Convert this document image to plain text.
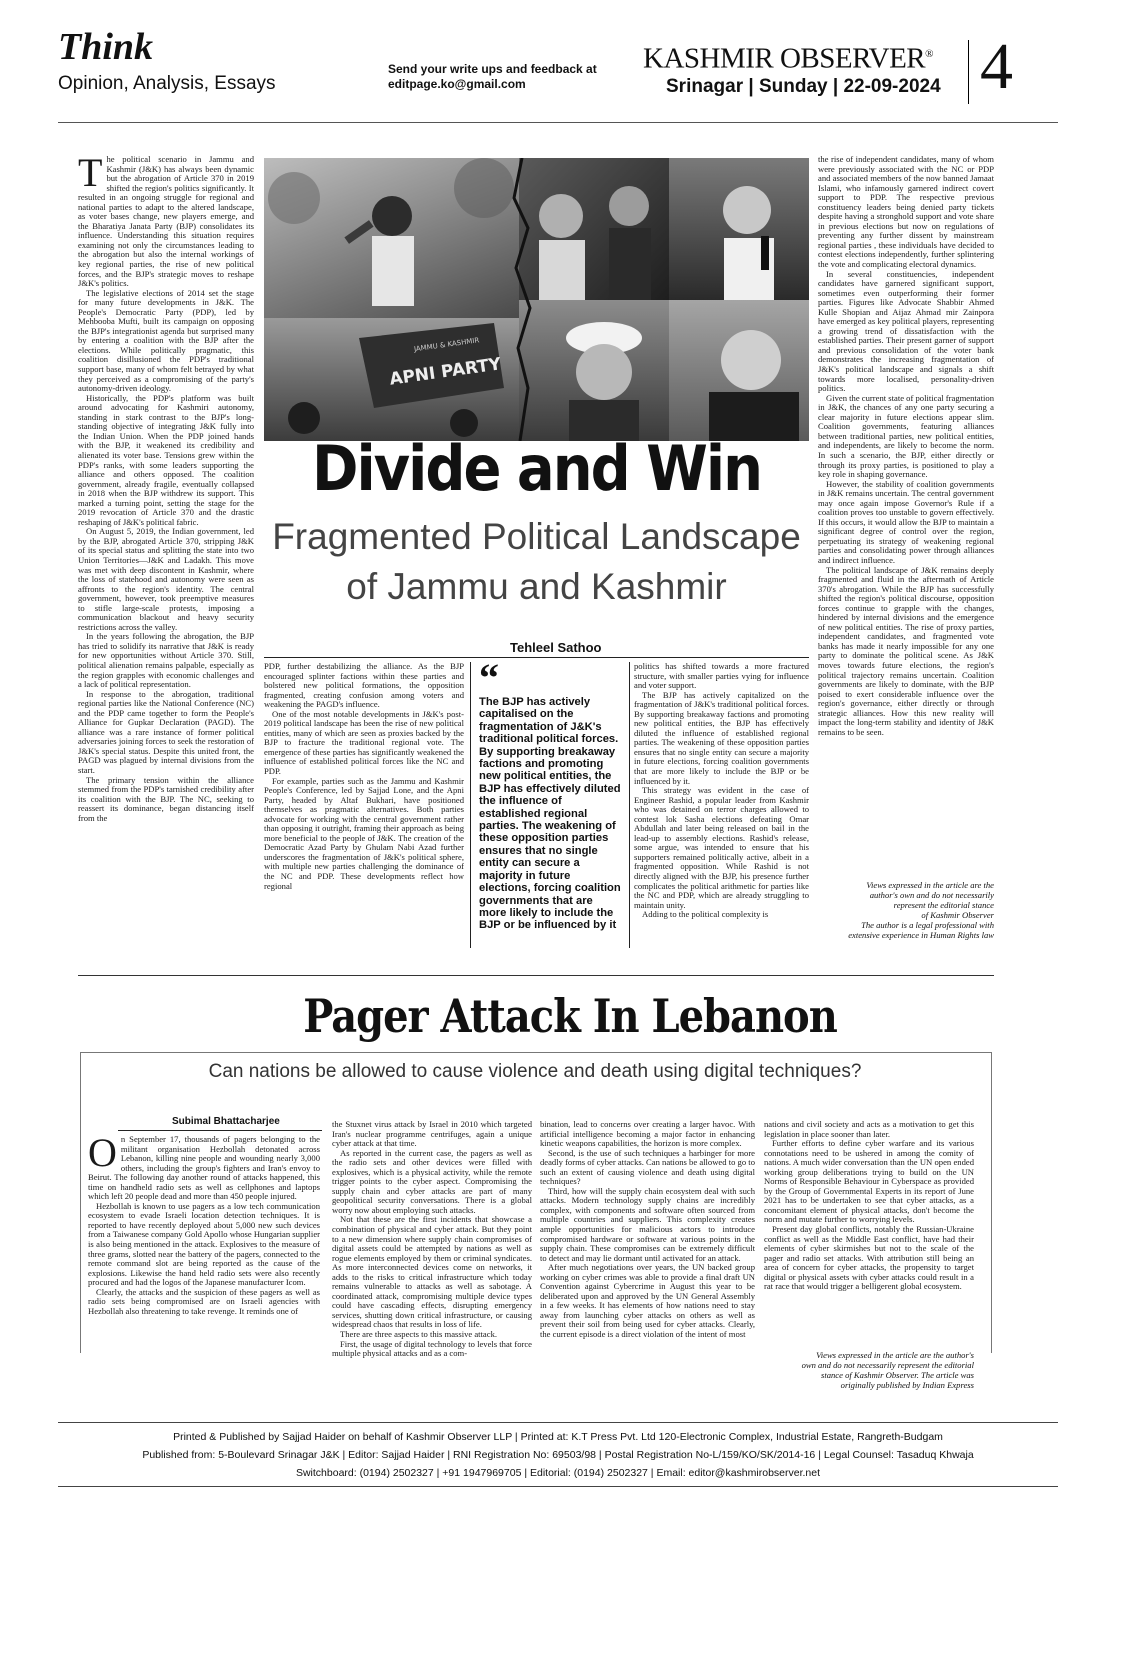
Think
Opinion, Analysis, Essays
Send your write ups and feedback at
editpage.ko@gmail.com
KASHMIR OBSERVER®
Srinagar | Sunday | 22-09-2024 4
T he political scenario in Jammu and Kashmir (J&K) has always been dynamic but the abrogation of Article 370 in 2019 shifted the region's politics significantly. It resulted in an ongoing struggle for regional and national parties to adapt to the altered landscape, as voter bases change, new players emerge, and the Bharatiya Janata Party (BJP) consolidates its influence. Understanding this situation requires examining not only the circumstances leading to the abrogation but also the internal workings of key regional parties, the rise of new political forces, and the BJP's strategic moves to reshape J&K's politics.

The legislative elections of 2014 set the stage for many future developments in J&K. The People's Democratic Party (PDP), led by Mehbooba Mufti, built its campaign on opposing the BJP's integrationist agenda but surprised many by entering a coalition with the BJP after the elections. While politically pragmatic, this coalition disillusioned the PDP's traditional support base, many of whom felt betrayed by what they perceived as a compromising of the party's autonomy-driven ideology.

Historically, the PDP's platform was built around advocating for Kashmiri autonomy, standing in stark contrast to the BJP's long-standing objective of integrating J&K fully into the Indian Union. When the PDP joined hands with the BJP, it weakened its credibility and alienated its voter base. Tensions grew within the PDP's ranks, with some leaders supporting the alliance and others opposed. The coalition government, already fragile, eventually collapsed in 2018 when the BJP withdrew its support. This marked a turning point, setting the stage for the 2019 revocation of Article 370 and the drastic reshaping of J&K's political fabric.

On August 5, 2019, the Indian government, led by the BJP, abrogated Article 370, stripping J&K of its special status and splitting the state into two Union Territories—J&K and Ladakh. This move was met with deep discontent in Kashmir, where the loss of statehood and autonomy were seen as affronts to the region's identity. The central government, however, took preemptive measures to stifle large-scale protests, imposing a communication blackout and heavy security restrictions across the valley.

In the years following the abrogation, the BJP has tried to solidify its narrative that J&K is ready for new opportunities without Article 370. Still, political alienation remains palpable, especially as the region grapples with economic challenges and a lack of political representation.

In response to the abrogation, traditional regional parties like the National Conference (NC) and the PDP came together to form the People's Alliance for Gupkar Declaration (PAGD). The alliance was a rare instance of former political adversaries joining forces to seek the restoration of J&K's special status. Despite this united front, the PAGD was plagued by internal divisions from the start.

The primary tension within the alliance stemmed from the PDP's tarnished credibility after its coalition with the BJP. The NC, seeking to reassert its dominance, began distancing itself from the

APNI PARTY
JAMMU & KASHMIR
Divide and Win
Fragmented Political Landscape
of Jammu and Kashmir
Tehleel Sathoo

PDP, further destabilizing the alliance. As the BJP encouraged splinter factions within these parties and bolstered new political formations, the opposition fragmented, creating confusion among voters and weakening the PAGD's influence.

One of the most notable developments in J&K's post-2019 political landscape has been the rise of new political entities, many of which are seen as proxies backed by the BJP to fracture the traditional regional vote. The emergence of these parties has significantly weakened the influence of established political forces like the NC and PDP.

For example, parties such as the Jammu and Kashmir People's Conference, led by Sajjad Lone, and the Apni Party, headed by Altaf Bukhari, have positioned themselves as pragmatic alternatives. Both parties advocate for working with the central government rather than opposing it outright, framing their approach as being more beneficial to the people of J&K. The creation of the Democratic Azad Party by Ghulam Nabi Azad further underscores the fragmentation of J&K's political sphere, with multiple new parties challenging the dominance of the NC and PDP. These developments reflect how regional

“
The BJP has actively capitalised on the fragmentation of J&K's traditional political forces. By supporting breakaway factions and promoting new political entities, the BJP has effectively diluted the influence of established regional parties. The weakening of these opposition parties ensures that no single entity can secure a majority in future elections, forcing coalition governments that are more likely to include the BJP or be influenced by it

politics has shifted towards a more fractured structure, with smaller parties vying for influence and voter support.

The BJP has actively capitalized on the fragmentation of J&K's traditional political forces. By supporting breakaway factions and promoting new political entities, the BJP has effectively diluted the influence of established regional parties. The weakening of these opposition parties ensures that no single entity can secure a majority in future elections, forcing coalition governments that are more likely to include the BJP or be influenced by it.

This strategy was evident in the case of Engineer Rashid, a popular leader from Kashmir who was detained on terror charges allowed to contest lok Sasha elections defeating Omar Abdullah and later being released on bail in the lead-up to assembly elections. Rashid's release, some argue, was intended to ensure that his supporters remained politically active, albeit in a fragmented opposition. While Rashid is not directly aligned with the BJP, his presence further complicates the political arithmetic for parties like the NC and PDP, which are already struggling to maintain unity.

Adding to the political complexity is

the rise of independent candidates, many of whom were previously associated with the NC or PDP and associated members of the now banned Jamaat Islami, who infamously garnered indirect covert support to PDP. The respective previous constituency leaders being denied party tickets despite having a stronghold support and vote share in previous elections but now on regulations of preventing any further dissent by mainstream regional parties , these individuals have decided to contest elections independently, further splintering the vote and complicating electoral dynamics.

In several constituencies, independent candidates have garnered significant support, sometimes even outperforming their former parties. Figures like Advocate Shabbir Ahmed Kulle Shopian and Aijaz Ahmad mir Zainpora have emerged as key political players, representing a growing trend of dissatisfaction with the established parties. Their present garner of support and previous consolidation of the voter bank demonstrates the increasing fragmentation of J&K's political landscape and signals a shift towards more localised, personality-driven politics.

Given the current state of political fragmentation in J&K, the chances of any one party securing a clear majority in future elections appear slim. Coalition governments, featuring alliances between traditional parties, new political entities, and independents, are likely to become the norm. In such a scenario, the BJP, either directly or through its proxy parties, is positioned to play a key role in shaping governance.

However, the stability of coalition governments in J&K remains uncertain. The central government may once again impose Governor's Rule if a coalition proves too unstable to govern effectively. If this occurs, it would allow the BJP to maintain a significant degree of control over the region, perpetuating its strategy of weakening regional parties and consolidating power through alliances and indirect influence.

The political landscape of J&K remains deeply fragmented and fluid in the aftermath of Article 370's abrogation. While the BJP has successfully shifted the region's political discourse, opposition forces continue to grapple with the changes, hindered by internal divisions and the emergence of new political entities. The rise of proxy parties, independent candidates, and fragmented vote banks has made it nearly impossible for any one party to dominate the political scene. As J&K moves towards future elections, the region's political trajectory remains uncertain. Coalition governments are likely to dominate, with the BJP poised to exert considerable influence over the region's governance, either directly or through strategic alliances. How this new reality will impact the long-term stability and identity of J&K remains to be seen.

Views expressed in the article are the
author's own and do not necessarily
represent the editorial stance
of Kashmir Observer
The author is a legal professional with
extensive experience in Human Rights law
Pager Attack In Lebanon
Can nations be allowed to cause violence and death using digital techniques?
Subimal Bhattacharjee
O n September 17, thousands of pagers belonging to the militant organisation Hezbollah detonated across Lebanon, killing nine people and wounding nearly 3,000 others, including the group's fighters and Iran's envoy to Beirut. The following day another round of attacks happened, this time on handheld radio sets as well as cellphones and laptops which left 20 people dead and more than 450 people injured.

Hezbollah is known to use pagers as a low tech communication ecosystem to evade Israeli location detection techniques. It is reported to have recently deployed about 5,000 new such devices from a Taiwanese company Gold Apollo whose Hungarian supplier is also being mentioned in the attack. Explosives to the measure of three grams, slotted near the battery of the pagers, connected to the remote command slot are being reported as the cause of the explosions. Likewise the hand held radio sets were also recently procured and had the logos of the Japanese manufacturer Icom.

Clearly, the attacks and the suspicion of these pagers as well as radio sets being compromised are on Israeli agencies with Hezbollah also threatening to take revenge. It reminds one of

the Stuxnet virus attack by Israel in 2010 which targeted Iran's nuclear programme centrifuges, again a unique cyber attack at that time.

As reported in the current case, the pagers as well as the radio sets and other devices were filled with explosives, which is a physical activity, while the remote trigger points to the cyber aspect. Compromising the supply chain and cyber attacks are part of many geopolitical security conversations. There is a global worry now about employing such attacks.

Not that these are the first incidents that showcase a combination of physical and cyber attack. But they point to a new dimension where supply chain compromises of digital assets could be attempted by nations as well as rogue elements employed by them or criminal syndicates. As more interconnected devices come on networks, it adds to the risks to critical infrastructure which today remains vulnerable to attacks as well as sabotage. A coordinated attack, compromising multiple device types could have cascading effects, disrupting emergency services, shutting down critical infrastructure, or causing widespread chaos that results in loss of life.

There are three aspects to this massive attack.

First, the usage of digital technology to levels that force multiple physical attacks and as a com-

bination, lead to concerns over creating a larger havoc. With artificial intelligence becoming a major factor in enhancing kinetic weapons capabilities, the horizon is more complex.

Second, is the use of such techniques a harbinger for more deadly forms of cyber attacks. Can nations be allowed to go to such an extent of causing violence and death using digital techniques?

Third, how will the supply chain ecosystem deal with such attacks. Modern technology supply chains are incredibly complex, with components and software often sourced from multiple countries and suppliers. This complexity creates ample opportunities for malicious actors to introduce compromised hardware or software at various points in the supply chain. These compromises can be extremely difficult to detect and may lie dormant until activated for an attack.

After much negotiations over years, the UN backed group working on cyber crimes was able to provide a final draft UN Convention against Cybercrime in August this year to be deliberated upon and approved by the UN General Assembly in a few weeks. It has elements of how nations need to stay away from launching cyber attacks on others as well as prevent their soil from being used for cyber attacks. Clearly, the current episode is a direct violation of the intent of most

nations and civil society and acts as a motivation to get this legislation in place sooner than later.

Further efforts to define cyber warfare and its various connotations need to be ushered in among the comity of nations. A much wider conversation than the UN open ended working group deliberations trying to build on the UN Norms of Responsible Behaviour in Cyberspace as provided by the Group of Governmental Experts in its report of June 2021 has to be undertaken to see that cyber attacks, as a concomitant element of physical attacks, don't become the norm and mutate further to worrying levels.

Present day global conflicts, notably the Russian-Ukraine conflict as well as the Middle East conflict, have had their elements of cyber skirmishes but not to the scale of the pager and radio set attacks. With attribution still being an area of concern for cyber attacks, the propensity to target digital or physical assets with cyber attacks could result in a rat race that would trigger a belligerent global ecosystem.

Views expressed in the article are the author's
own and do not necessarily represent the editorial
stance of Kashmir Observer. The article was
originally published by Indian Express
Printed & Published by Sajjad Haider on behalf of Kashmir Observer LLP | Printed at: K.T Press Pvt. Ltd 120-Electronic Complex, Industrial Estate, Rangreth-Budgam
Published from: 5-Boulevard Srinagar J&K | Editor: Sajjad Haider | RNI Registration No: 69503/98 | Postal Registration No-L/159/KO/SK/2014-16 | Legal Counsel: Tasaduq Khwaja
Switchboard: (0194) 2502327 | +91 1947969705 | Editorial: (0194) 2502327 | Email: editor@kashmirobserver.net
